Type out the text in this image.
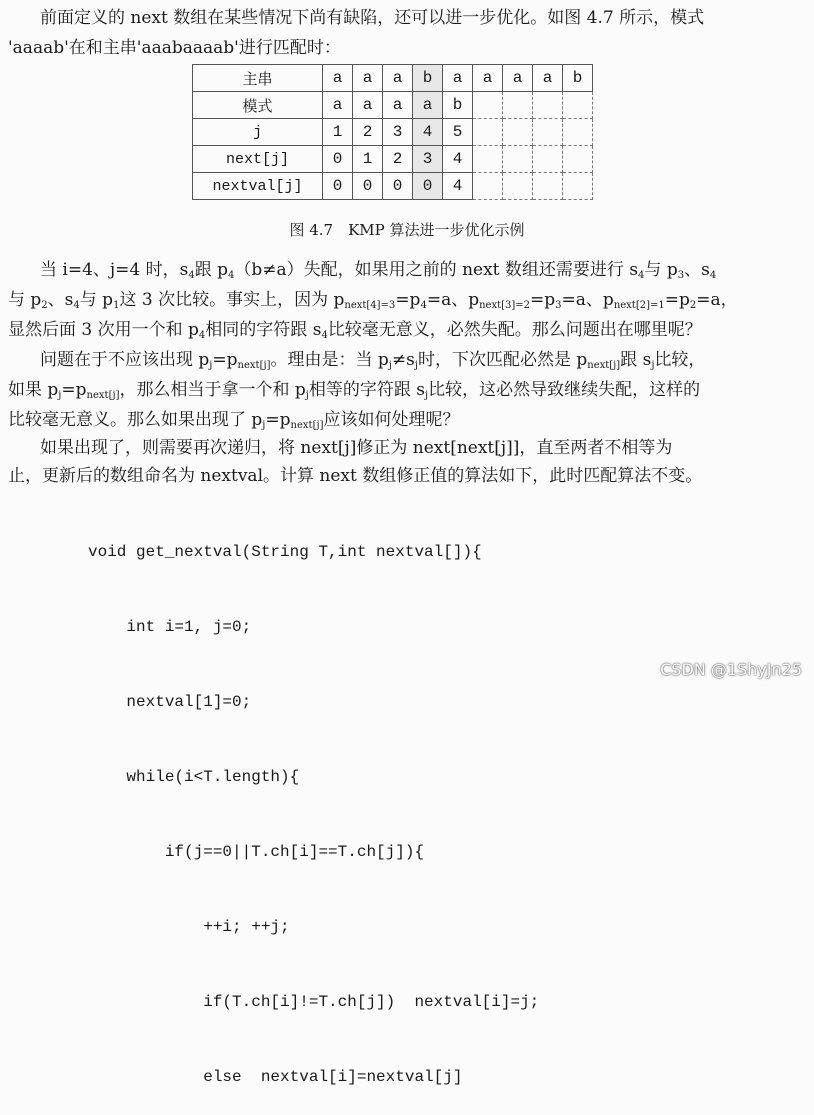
前面定义的 next 数组在某些情况下尚有缺陷，还可以进一步优化。如图 4.7 所示，模式
'aaaab'在和主串'aaabaaaab'进行匹配时：
主串	a	a	a	b	a	a	a	a	b
模式	a	a	a	a	b				
j	1	2	3	4	5				
next[j]	0	1	2	3	4				
nextval[j]	0	0	0	0	4				
图 4.7　KMP 算法进一步优化示例
当 i=4、j=4 时，$s_4$跟 $p_4(b\ne a)$失配，如果用之前的 next 数组还需要进行 $s_4$与 $p_3$、$s_4$
与 $p_2$、$s_4$与 $p_1$这 3 次比较。事实上，因为 $p_{next[4]=3}=p_4=a$、$p_{next[3]=2}=p_3=a$、$p_{next[2]=1}=p_2=a$，
显然后面 3 次用一个和 $p_4$相同的字符跟 $s_4$比较毫无意义，必然失配。那么问题出在哪里呢？
问题在于不应该出现 $p_j=p_{next[j]}$。理由是：当 $p_j\ne s_j$时，下次匹配必然是 $p_{next[j]}$跟 $s_j$比较，
如果 $p_j=p_{next[j]}$，那么相当于拿一个和 $p_j$相等的字符跟 $s_j$比较，这必然导致继续失配，这样的
比较毫无意义。那么如果出现了 $p_j=p_{next[j]}$应该如何处理呢？
如果出现了，则需要再次递归，将 next[j]修正为 next[next[j]]，直至两者不相等为
止，更新后的数组命名为 nextval。计算 next 数组修正值的算法如下，此时匹配算法不变。

void get_nextval(String T,int nextval[]){

int i=1, j=0;

nextval[1]=0;

while(i<T.length){

if(j==0||T.ch[i]==T.ch[j]){

++i; ++j;

if(T.ch[i]!=T.ch[j])  nextval[i]=j;

else  nextval[i]=nextval[j]

CSDN @1ShyJn25
